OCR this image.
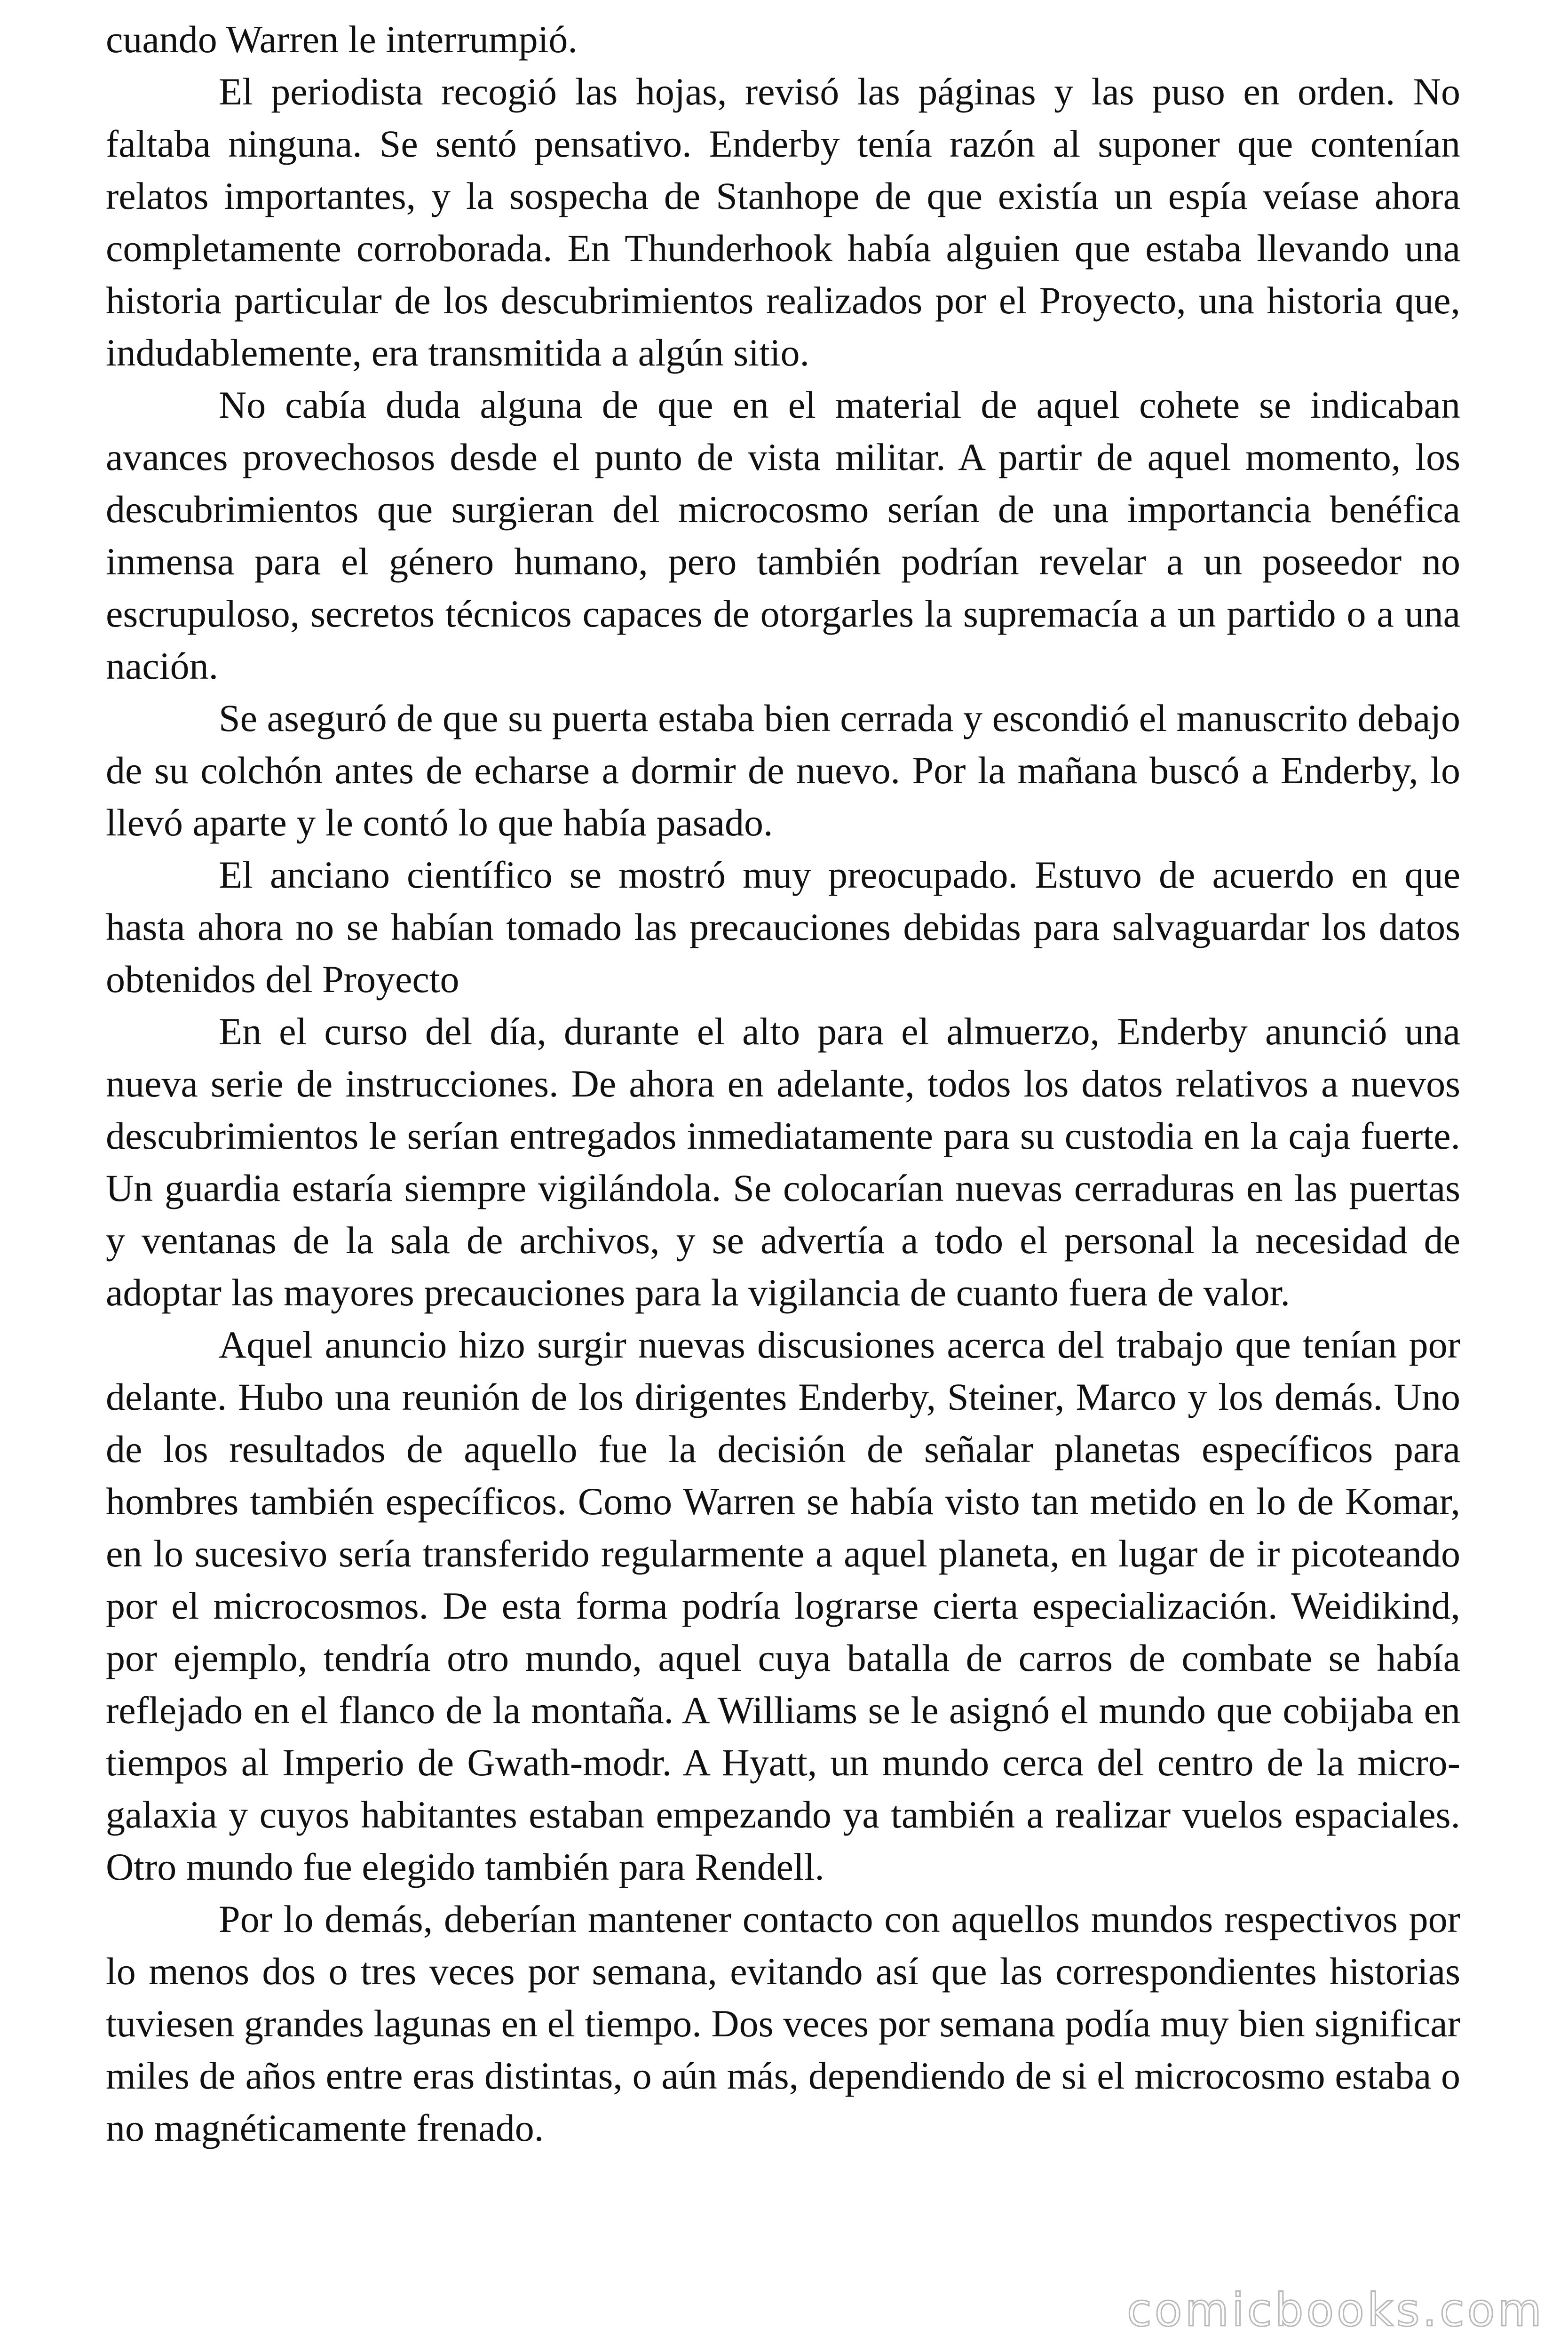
cuando Warren le interrumpió.

El periodista recogió las hojas, revisó las páginas y las puso en orden. No faltaba ninguna. Se sentó pensativo. Enderby tenía razón al suponer que contenían relatos importantes, y la sospecha de Stanhope de que existía un espía veíase ahora completamente corroborada. En Thunderhook había alguien que estaba llevando una historia particular de los descubrimientos realizados por el Proyecto, una historia que, indudablemente, era transmitida a algún sitio.

No cabía duda alguna de que en el material de aquel cohete se indicaban avances provechosos desde el punto de vista militar. A partir de aquel momento, los descubrimientos que surgieran del microcosmo serían de una importancia benéfica inmensa para el género humano, pero también podrían revelar a un poseedor no escrupuloso, secretos técnicos capaces de otorgarles la supremacía a un partido o a una nación.

Se aseguró de que su puerta estaba bien cerrada y escondió el manuscrito debajo de su colchón antes de echarse a dormir de nuevo. Por la mañana buscó a Enderby, lo llevó aparte y le contó lo que había pasado.

El anciano científico se mostró muy preocupado. Estuvo de acuerdo en que hasta ahora no se habían tomado las precauciones debidas para salvaguardar los datos obtenidos del Proyecto

En el curso del día, durante el alto para el almuerzo, Enderby anunció una nueva serie de instrucciones. De ahora en adelante, todos los datos relativos a nuevos descubrimientos le serían entregados inmediatamente para su custodia en la caja fuerte. Un guardia estaría siempre vigilándola. Se colocarían nuevas cerraduras en las puertas y ventanas de la sala de archivos, y se advertía a todo el personal la necesidad de adoptar las mayores precauciones para la vigilancia de cuanto fuera de valor.

Aquel anuncio hizo surgir nuevas discusiones acerca del trabajo que tenían por delante. Hubo una reunión de los dirigentes Enderby, Steiner, Marco y los demás. Uno de los resultados de aquello fue la decisión de señalar planetas específicos para hombres también específicos. Como Warren se había visto tan metido en lo de Komar, en lo sucesivo sería transferido regularmente a aquel planeta, en lugar de ir picoteando por el microcosmos. De esta forma podría lograrse cierta especialización. Weidikind, por ejemplo, tendría otro mundo, aquel cuya batalla de carros de combate se había reflejado en el flanco de la montaña. A Williams se le asignó el mundo que cobijaba en tiempos al Imperio de Gwath-modr. A Hyatt, un mundo cerca del centro de la micro-galaxia y cuyos habitantes estaban empezando ya también a realizar vuelos espaciales. Otro mundo fue elegido también para Rendell.

Por lo demás, deberían mantener contacto con aquellos mundos respectivos por lo menos dos o tres veces por semana, evitando así que las correspondientes historias tuviesen grandes lagunas en el tiempo. Dos veces por semana podía muy bien significar miles de años entre eras distintas, o aún más, dependiendo de si el microcosmo estaba o no magnéticamente frenado.

comicbooks.com
